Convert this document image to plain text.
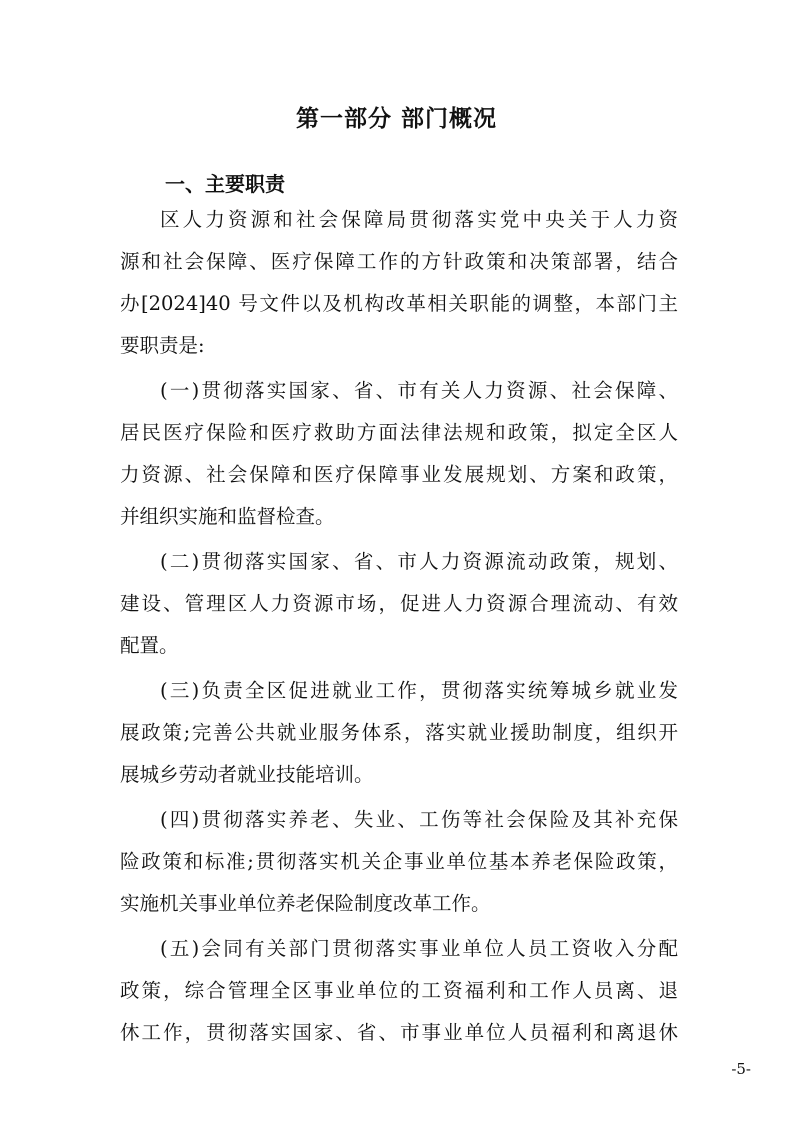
第一部分 部门概况
一、主要职责
区人力资源和社会保障局贯彻落实党中央关于人力资
源和社会保障、医疗保障工作的方针政策和决策部署，结合
办[2024]40 号文件以及机构改革相关职能的调整，本部门主
要职责是:
(一)贯彻落实国家、省、市有关人力资源、社会保障、
居民医疗保险和医疗救助方面法律法规和政策，拟定全区人
力资源、社会保障和医疗保障事业发展规划、方案和政策，
并组织实施和监督检查。
(二)贯彻落实国家、省、市人力资源流动政策，规划、
建设、管理区人力资源市场，促进人力资源合理流动、有效
配置。
(三)负责全区促进就业工作，贯彻落实统筹城乡就业发
展政策;完善公共就业服务体系，落实就业援助制度，组织开
展城乡劳动者就业技能培训。
(四)贯彻落实养老、失业、工伤等社会保险及其补充保
险政策和标准;贯彻落实机关企事业单位基本养老保险政策，
实施机关事业单位养老保险制度改革工作。
(五)会同有关部门贯彻落实事业单位人员工资收入分配
政策，综合管理全区事业单位的工资福利和工作人员离、退
休工作，贯彻落实国家、省、市事业单位人员福利和离退休
-5-
